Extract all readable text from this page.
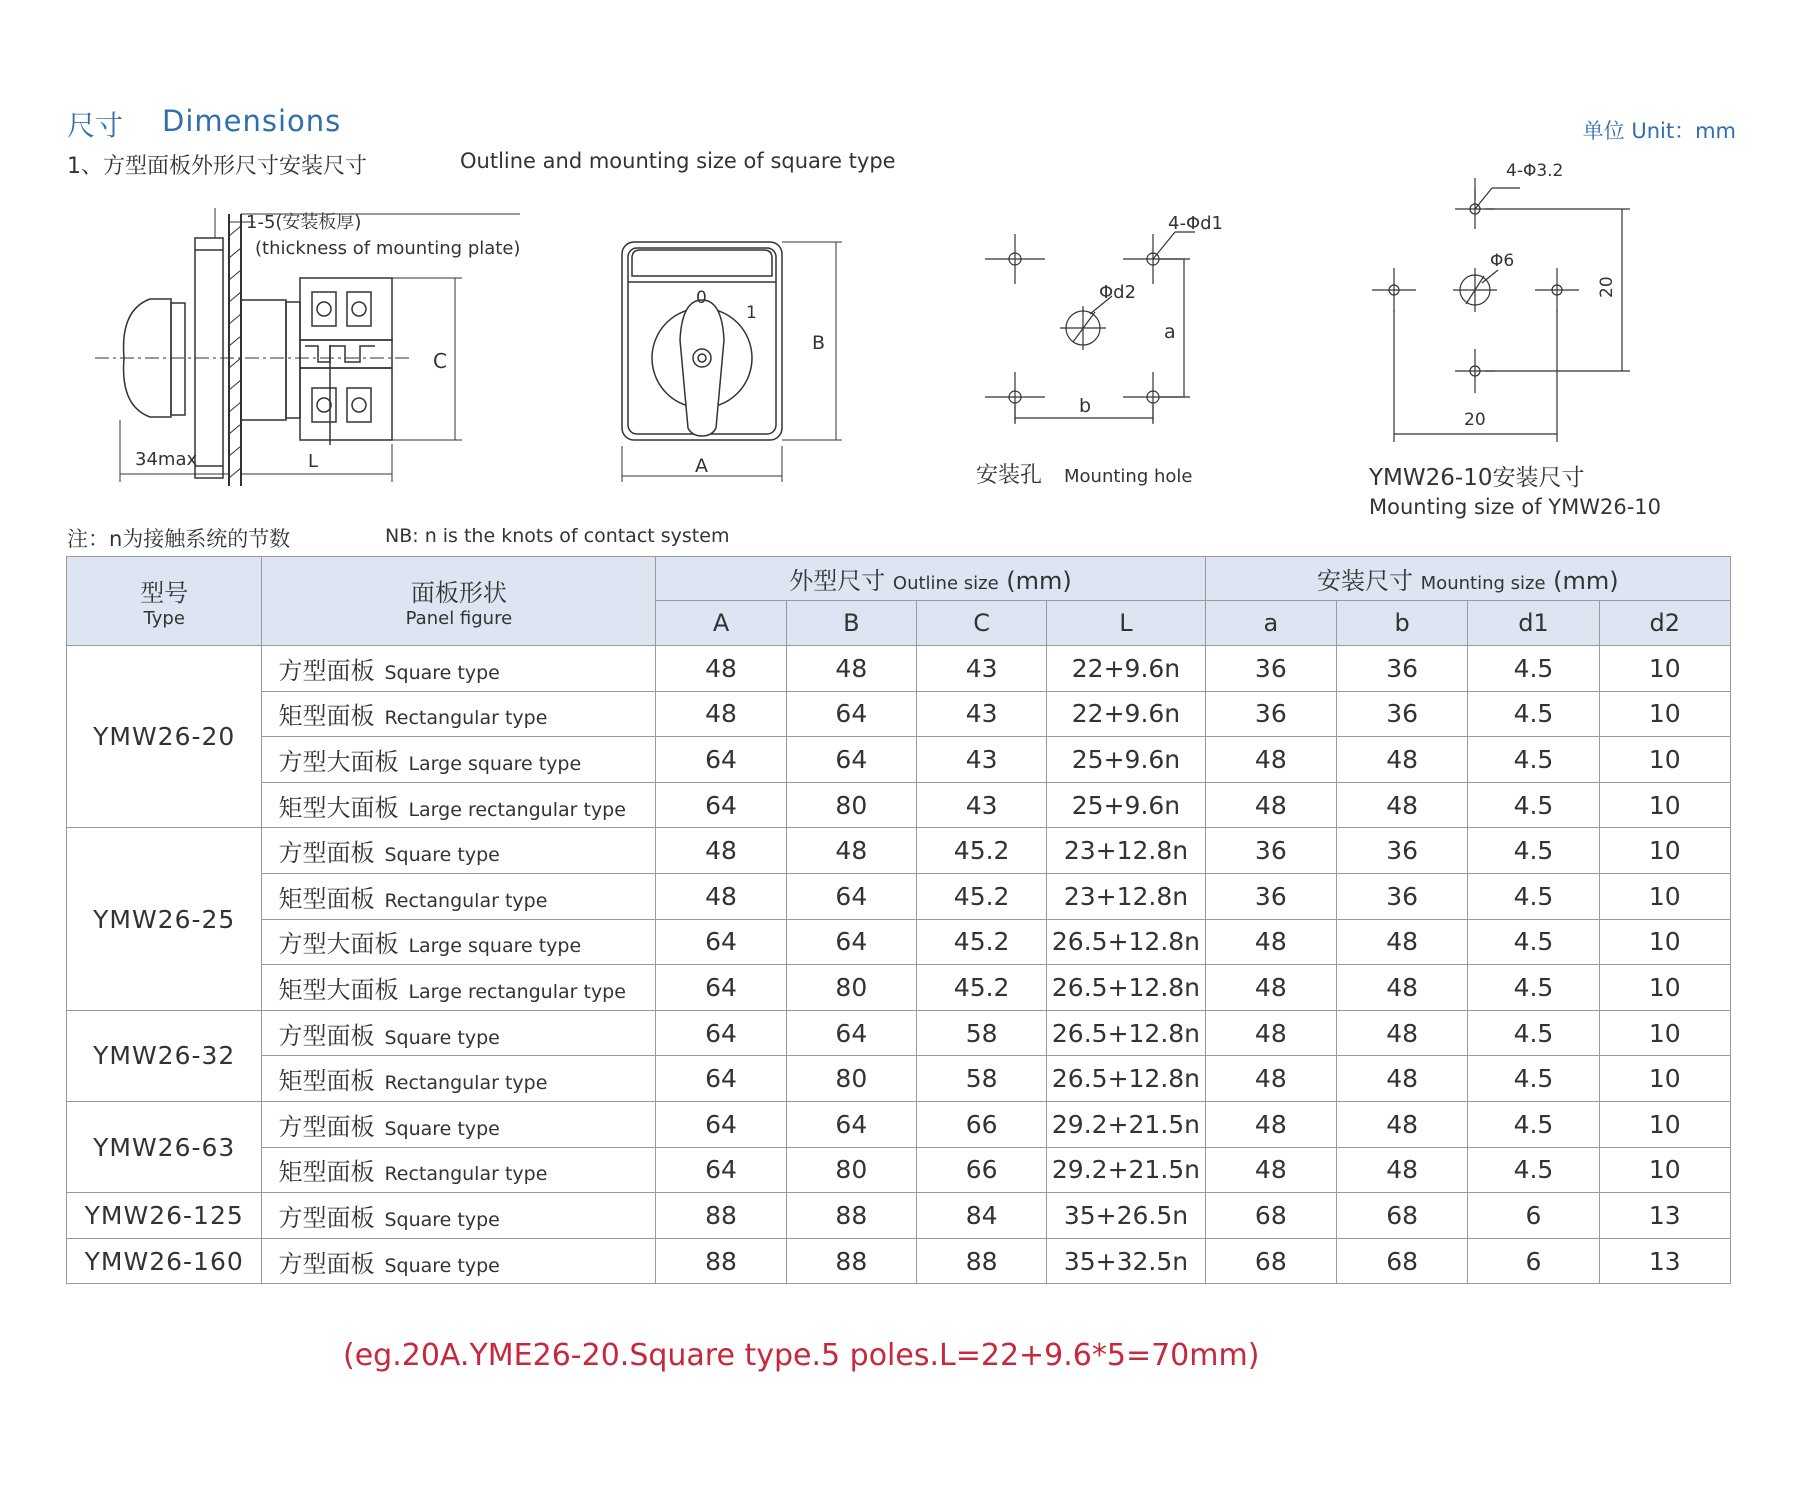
尺寸 Dimensions	单位 Unit：mm
1、方型面板外形尺寸安装尺寸	Outline and mounting size of square type
1-5(安装板厚)
(thickness of mounting plate)
C
34max	L
0
1
B
A
4-Φd1
Φd2
a
b
安装孔 Mounting hole
4-Φ3.2
Φ6
20
20
YMW26-10安装尺寸
Mounting size of YMW26-10
注：n为接触系统的节数	NB: n is the knots of contact system
型号
Type	面板形状
Panel figure	外型尺寸 Outline size (mm)				安装尺寸 Mounting size (mm)			
		A	B	C	L	a	b	d1	d2
YMW26-20	方型面板 Square type	48	48	43	22+9.6n	36	36	4.5	10
	矩型面板 Rectangular type	48	64	43	22+9.6n	36	36	4.5	10
	方型大面板 Large square type	64	64	43	25+9.6n	48	48	4.5	10
	矩型大面板 Large rectangular type	64	80	43	25+9.6n	48	48	4.5	10
YMW26-25	方型面板 Square type	48	48	45.2	23+12.8n	36	36	4.5	10
	矩型面板 Rectangular type	48	64	45.2	23+12.8n	36	36	4.5	10
	方型大面板 Large square type	64	64	45.2	26.5+12.8n	48	48	4.5	10
	矩型大面板 Large rectangular type	64	80	45.2	26.5+12.8n	48	48	4.5	10
YMW26-32	方型面板 Square type	64	64	58	26.5+12.8n	48	48	4.5	10
	矩型面板 Rectangular type	64	80	58	26.5+12.8n	48	48	4.5	10
YMW26-63	方型面板 Square type	64	64	66	29.2+21.5n	48	48	4.5	10
	矩型面板 Rectangular type	64	80	66	29.2+21.5n	48	48	4.5	10
YMW26-125	方型面板 Square type	88	88	84	35+26.5n	68	68	6	13
YMW26-160	方型面板 Square type	88	88	88	35+32.5n	68	68	6	13
(eg.20A.YME26-20.Square type.5 poles.L=22+9.6*5=70mm)
